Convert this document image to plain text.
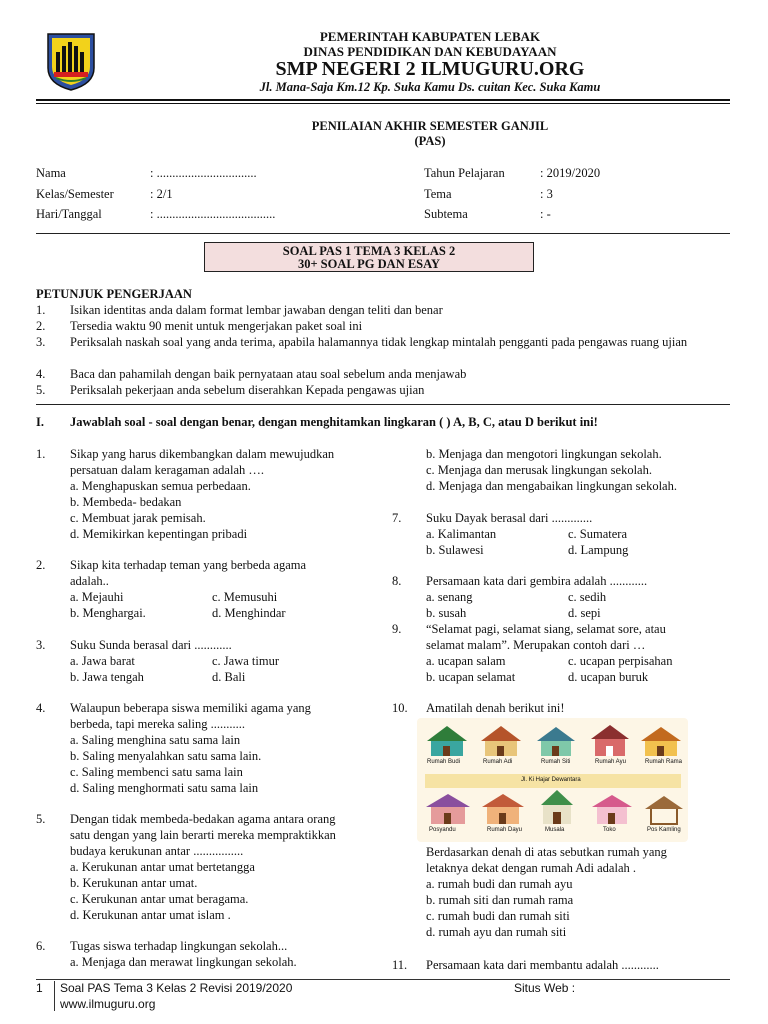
PEMERINTAH KABUPATEN LEBAK
DINAS PENDIDIKAN DAN KEBUDAYAAN
SMP NEGERI 2 ILMUGURU.ORG
Jl. Mana-Saja Km.12 Kp. Suka Kamu Ds. cuitan Kec. Suka Kamu
PENILAIAN AKHIR SEMESTER GANJIL
(PAS)
Nama	: ................................
Kelas/Semester	: 2/1
Hari/Tanggal	: ......................................
Tahun Pelajaran	: 2019/2020
Tema	: 3
Subtema	: -
SOAL PAS 1 TEMA 3 KELAS 2
30+ SOAL PG DAN ESAY
PETUNJUK PENGERJAAN
1. Isikan identitas anda dalam format lembar jawaban dengan teliti dan benar
2. Tersedia waktu 90 menit untuk mengerjakan paket soal ini
3. Periksalah naskah soal yang anda terima, apabila halamannya tidak lengkap mintalah pengganti pada pengawas ruang ujian
4. Baca dan pahamilah dengan baik pernyataan atau soal sebelum anda menjawab
5. Periksalah pekerjaan anda sebelum diserahkan Kepada pengawas ujian
I. Jawablah soal - soal dengan benar, dengan menghitamkan lingkaran ( ) A, B, C, atau D berikut ini!
1. Sikap yang harus dikembangkan dalam mewujudkan
persatuan dalam keragaman adalah ….
a. Menghapuskan semua perbedaan.
b. Membeda- bedakan
c. Membuat jarak pemisah.
d. Memikirkan kepentingan pribadi
2. Sikap kita terhadap teman yang berbeda agama
adalah..
a. Mejauhi	c. Memusuhi
b. Menghargai.	d. Menghindar
3. Suku Sunda berasal dari ............
a. Jawa barat	c. Jawa timur
b. Jawa tengah	d. Bali
4. Walaupun beberapa siswa memiliki agama yang
berbeda, tapi mereka saling ...........
a. Saling menghina satu sama lain
b. Saling menyalahkan satu sama lain.
c. Saling membenci satu sama lain
d. Saling menghormati satu sama lain
5. Dengan tidak membeda-bedakan agama antara orang
satu dengan yang lain berarti mereka mempraktikkan
budaya kerukunan antar ................
a. Kerukunan antar umat bertetangga
b. Kerukunan antar umat.
c. Kerukunan antar umat beragama.
d. Kerukunan antar umat islam .
6. Tugas siswa terhadap lingkungan sekolah...
a. Menjaga dan merawat lingkungan sekolah.
b. Menjaga dan mengotori lingkungan sekolah.
c. Menjaga dan merusak lingkungan sekolah.
d. Menjaga dan mengabaikan lingkungan sekolah.
7. Suku Dayak berasal dari .............
a. Kalimantan	c. Sumatera
b. Sulawesi	d. Lampung
8. Persamaan kata dari gembira adalah ............
a. senang	c. sedih
b. susah	d. sepi
9. “Selamat pagi, selamat siang, selamat sore, atau
selamat malam”. Merupakan contoh dari …
a. ucapan salam	c. ucapan perpisahan
b. ucapan selamat	d. ucapan buruk
10. Amatilah denah berikut ini!
Rumah Budi	Rumah Adi	Rumah Siti	Rumah Ayu	Rumah Rama
Jl. Ki Hajar Dewantara
Posyandu	Rumah Dayu	Musala	Toko	Pos Kamling
Berdasarkan denah di atas sebutkan rumah yang
letaknya dekat dengan rumah Adi adalah .
a. rumah budi dan rumah ayu
b. rumah siti dan rumah rama
c. rumah budi dan rumah siti
d. rumah ayu dan rumah siti
11. Persamaan kata dari membantu adalah ............
1 Soal PAS Tema 3 Kelas 2 Revisi 2019/2020	Situs Web :
www.ilmuguru.org
